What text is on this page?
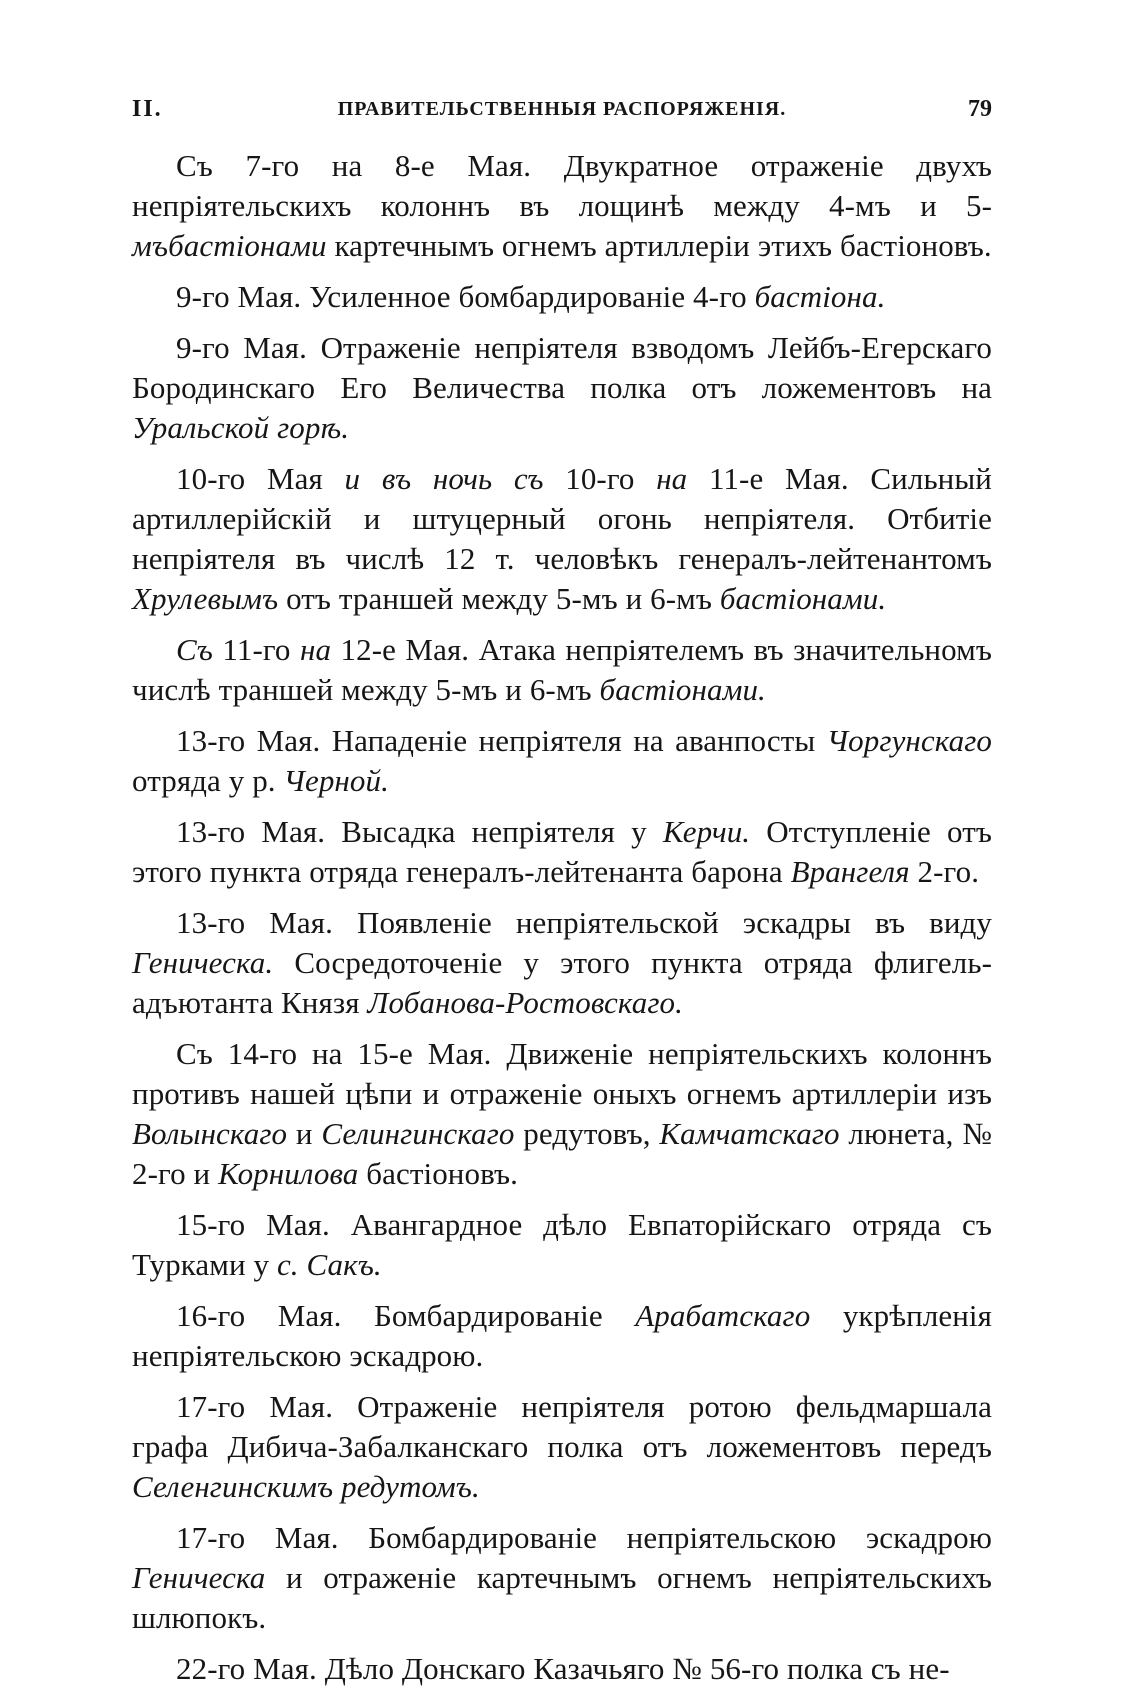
II.	ПРАВИТЕЛЬСТВЕННЫЯ РАСПОРЯЖЕНІЯ.	79

Съ 7-го на 8-е Мая. Двукратное отраженіе двухъ непріятельскихъ колоннъ въ лощинѣ между 4-мъ и 5- мъбастіонами картечнымъ огнемъ артиллеріи этихъ бастіоновъ.

9-го Мая. Усиленное бомбардированіе 4-го бастіона.

9-го Мая. Отраженіе непріятеля взводомъ Лейбъ-Егерскаго Бородинскаго Его Величества полка отъ ложементовъ на Уральской горѣ.

10-го Мая и въ ночь съ 10-го на 11-е Мая. Сильный артиллерійскій и штуцерный огонь непріятеля. Отбитіе непріятеля въ числѣ 12 т. человѣкъ генералъ-лейтенантомъ Хрулевымъ отъ траншей между 5-мъ и 6-мъ бастіонами.

Съ 11-го на 12-е Мая. Атака непріятелемъ въ значительномъ числѣ траншей между 5-мъ и 6-мъ бастіонами.

13-го Мая. Нападеніе непріятеля на аванпосты Чоргунскаго отряда у р. Черной.

13-го Мая. Высадка непріятеля у Керчи. Отступленіе отъ этого пункта отряда генералъ-лейтенанта барона Врангеля 2-го.

13-го Мая. Появленіе непріятельской эскадры въ виду Геническа. Сосредоточеніе у этого пункта отряда флигель-адъютанта Князя Лобанова-Ростовскаго.

Съ 14-го на 15-е Мая. Движеніе непріятельскихъ колоннъ противъ нашей цѣпи и отраженіе оныхъ огнемъ артиллеріи изъ Волынскаго и Селингинскаго редутовъ, Камчатскаго люнета, № 2-го и Корнилова бастіоновъ.

15-го Мая. Авангардное дѣло Евпаторійскаго отряда съ Турками у с. Сакъ.

16-го Мая. Бомбардированіе Арабатскаго укрѣпленія непріятельскою эскадрою.

17-го Мая. Отраженіе непріятеля ротою фельдмаршала графа Дибича-Забалканскаго полка отъ ложементовъ передъ Селенгинскимъ редутомъ.

17-го Мая. Бомбардированіе непріятельскою эскадрою Геническа и отраженіе картечнымъ огнемъ непріятельскихъ шлюпокъ.

22-го Мая. Дѣло Донскаго Казачьяго № 56-го полка съ не-
